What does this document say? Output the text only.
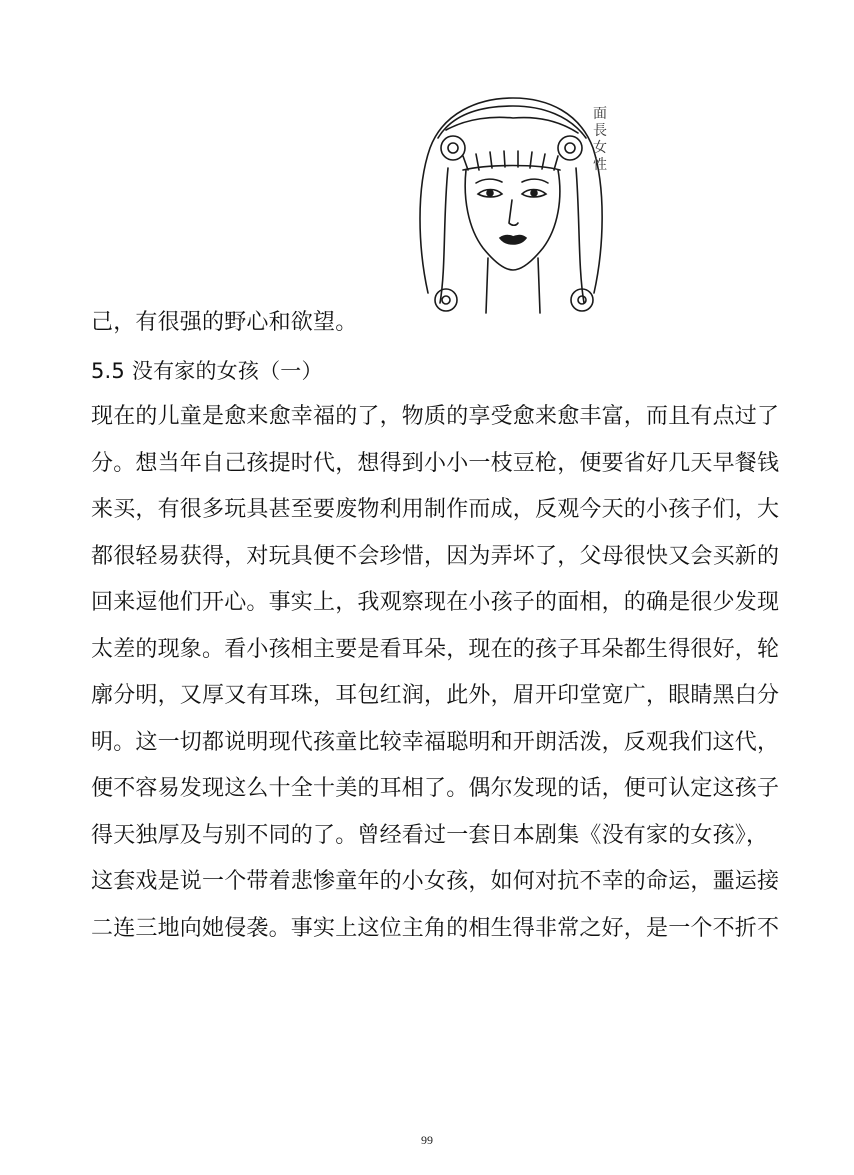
面
長
女
性
己，有很强的野心和欲望。
5.5 没有家的女孩（一）
现在的儿童是愈来愈幸福的了，物质的享受愈来愈丰富，而且有点过了
分。想当年自己孩提时代，想得到小小一枝豆枪，便要省好几天早餐钱
来买，有很多玩具甚至要废物利用制作而成，反观今天的小孩子们，大
都很轻易获得，对玩具便不会珍惜，因为弄坏了，父母很快又会买新的
回来逗他们开心。事实上，我观察现在小孩子的面相，的确是很少发现
太差的现象。看小孩相主要是看耳朵，现在的孩子耳朵都生得很好，轮
廓分明，又厚又有耳珠，耳包红润，此外，眉开印堂宽广，眼睛黑白分
明。这一切都说明现代孩童比较幸福聪明和开朗活泼，反观我们这代，
便不容易发现这么十全十美的耳相了。偶尔发现的话，便可认定这孩子
得天独厚及与别不同的了。曾经看过一套日本剧集《没有家的女孩》，
这套戏是说一个带着悲惨童年的小女孩，如何对抗不幸的命运，噩运接
二连三地向她侵袭。事实上这位主角的相生得非常之好，是一个不折不
99
